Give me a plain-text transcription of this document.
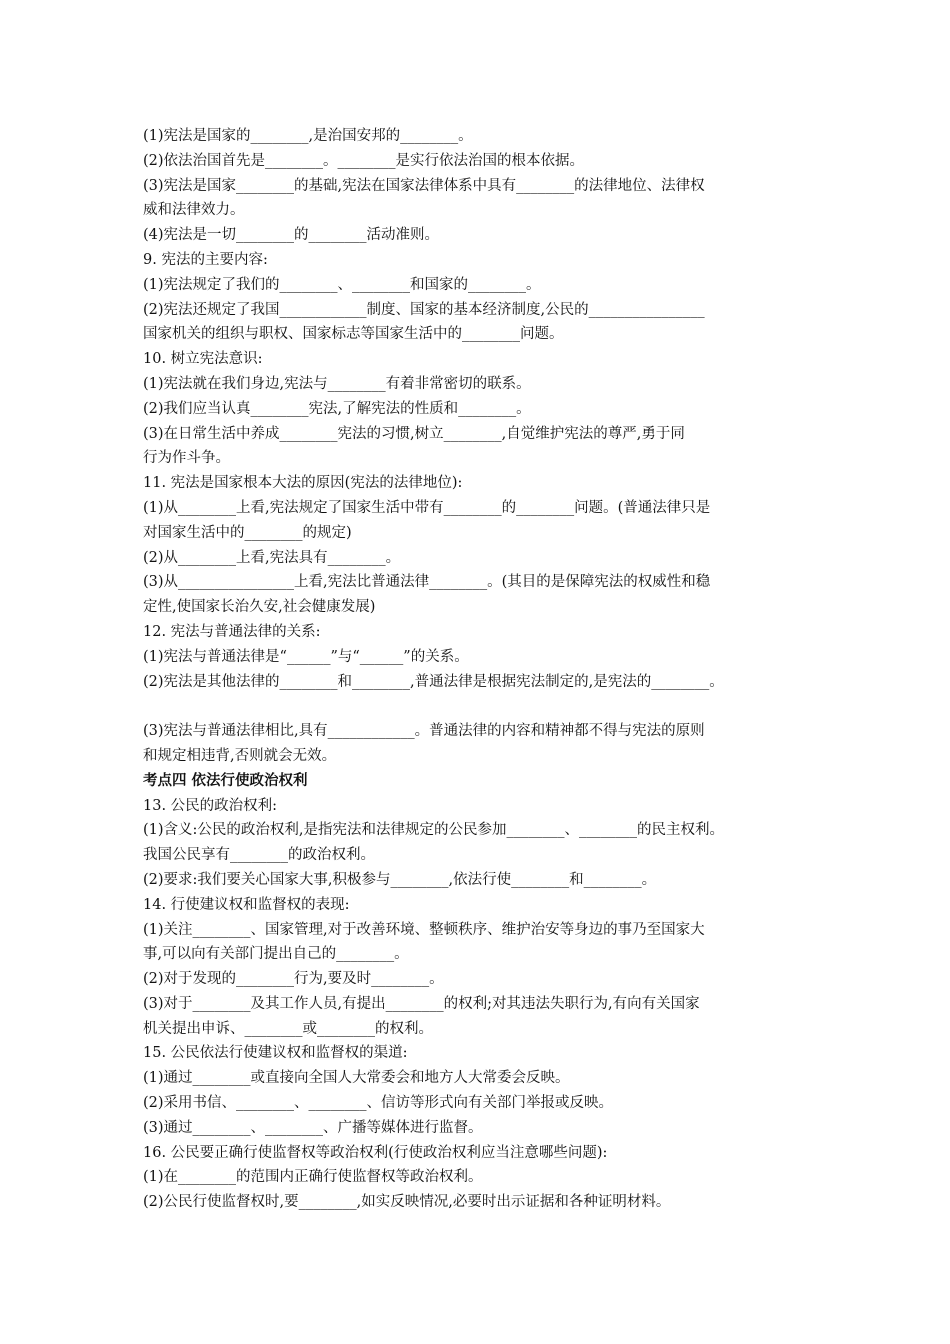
(1)宪法是国家的________,是治国安邦的________。
(2)依法治国首先是________。________是实行依法治国的根本依据。
(3)宪法是国家________的基础,宪法在国家法律体系中具有________的法律地位、法律权
威和法律效力。
(4)宪法是一切________的________活动准则。
9. 宪法的主要内容:
(1)宪法规定了我们的________、________和国家的________。
(2)宪法还规定了我国____________制度、国家的基本经济制度,公民的________________
国家机关的组织与职权、国家标志等国家生活中的________问题。
10. 树立宪法意识:
(1)宪法就在我们身边,宪法与________有着非常密切的联系。
(2)我们应当认真________宪法,了解宪法的性质和________。
(3)在日常生活中养成________宪法的习惯,树立________,自觉维护宪法的尊严,勇于同
行为作斗争。
11. 宪法是国家根本大法的原因(宪法的法律地位):
(1)从________上看,宪法规定了国家生活中带有________的________问题。(普通法律只是
对国家生活中的________的规定)
(2)从________上看,宪法具有________。
(3)从________________上看,宪法比普通法律________。(其目的是保障宪法的权威性和稳
定性,使国家长治久安,社会健康发展)
12. 宪法与普通法律的关系:
(1)宪法与普通法律是“______”与“______”的关系。
(2)宪法是其他法律的________和________,普通法律是根据宪法制定的,是宪法的________。
(3)宪法与普通法律相比,具有____________。普通法律的内容和精神都不得与宪法的原则
和规定相违背,否则就会无效。
考点四 依法行使政治权利
13. 公民的政治权利:
(1)含义:公民的政治权利,是指宪法和法律规定的公民参加________、________的民主权利。
我国公民享有________的政治权利。
(2)要求:我们要关心国家大事,积极参与________,依法行使________和________。
14. 行使建议权和监督权的表现:
(1)关注________、国家管理,对于改善环境、整顿秩序、维护治安等身边的事乃至国家大
事,可以向有关部门提出自己的________。
(2)对于发现的________行为,要及时________。
(3)对于________及其工作人员,有提出________的权利;对其违法失职行为,有向有关国家
机关提出申诉、________或________的权利。
15. 公民依法行使建议权和监督权的渠道:
(1)通过________或直接向全国人大常委会和地方人大常委会反映。
(2)采用书信、________、________、信访等形式向有关部门举报或反映。
(3)通过________、________、广播等媒体进行监督。
16. 公民要正确行使监督权等政治权利(行使政治权利应当注意哪些问题):
(1)在________的范围内正确行使监督权等政治权利。
(2)公民行使监督权时,要________,如实反映情况,必要时出示证据和各种证明材料。
